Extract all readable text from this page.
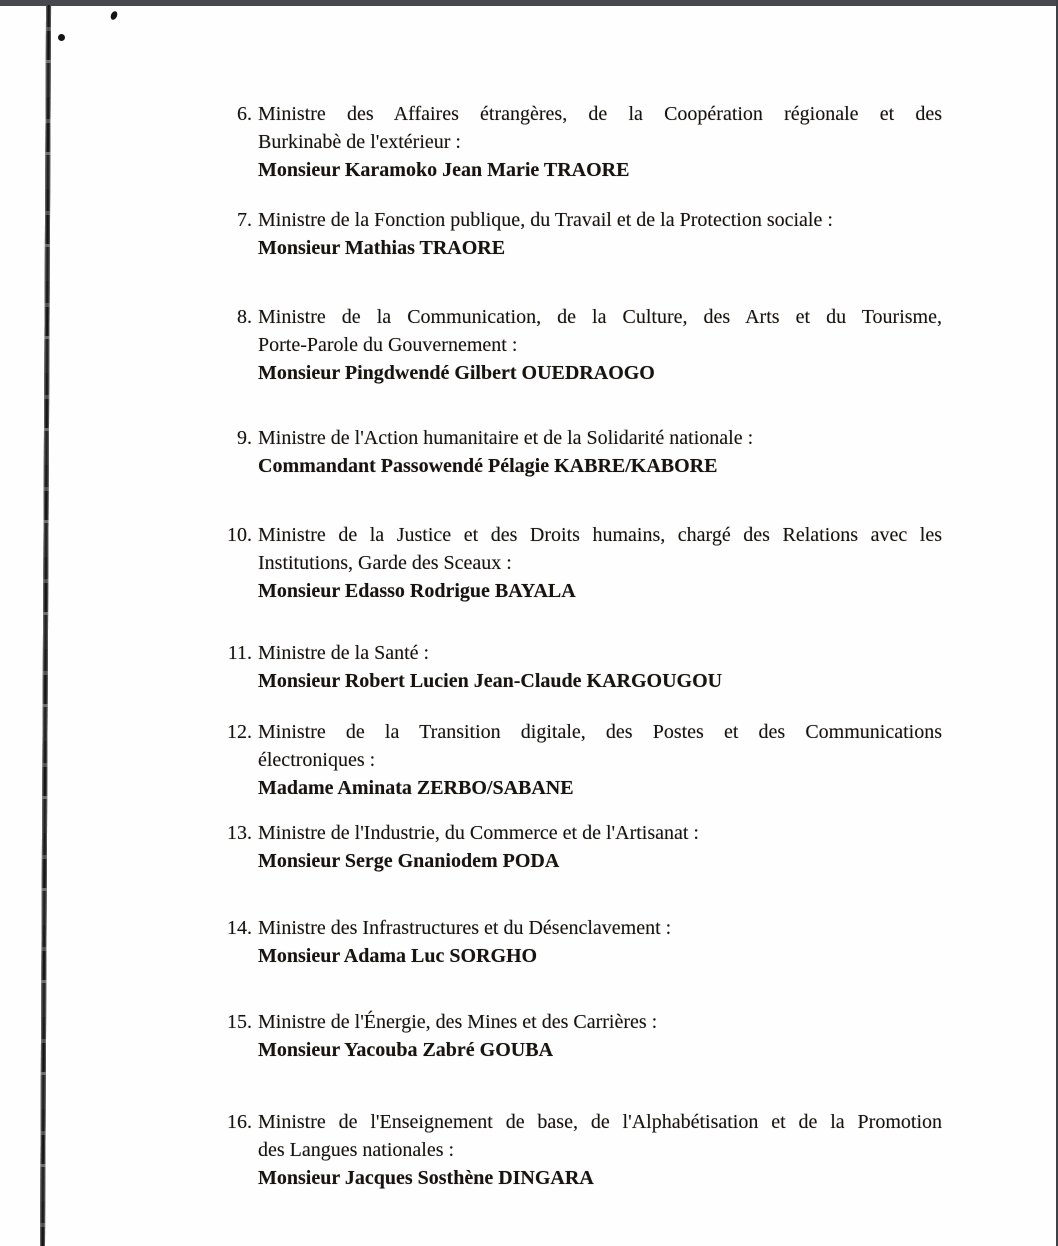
6. Ministre des Affaires étrangères, de la Coopération régionale et des
Burkinabè de l'extérieur :
Monsieur Karamoko Jean Marie TRAORE
7. Ministre de la Fonction publique, du Travail et de la Protection sociale :
Monsieur Mathias TRAORE
8. Ministre de la Communication, de la Culture, des Arts et du Tourisme,
Porte-Parole du Gouvernement :
Monsieur Pingdwendé Gilbert OUEDRAOGO
9. Ministre de l'Action humanitaire et de la Solidarité nationale :
Commandant Passowendé Pélagie KABRE/KABORE
10. Ministre de la Justice et des Droits humains, chargé des Relations avec les
Institutions, Garde des Sceaux :
Monsieur Edasso Rodrigue BAYALA
11. Ministre de la Santé :
Monsieur Robert Lucien Jean-Claude KARGOUGOU
12. Ministre de la Transition digitale, des Postes et des Communications
électroniques :
Madame Aminata ZERBO/SABANE
13. Ministre de l'Industrie, du Commerce et de l'Artisanat :
Monsieur Serge Gnaniodem PODA
14. Ministre des Infrastructures et du Désenclavement :
Monsieur Adama Luc SORGHO
15. Ministre de l'Énergie, des Mines et des Carrières :
Monsieur Yacouba Zabré GOUBA
16. Ministre de l'Enseignement de base, de l'Alphabétisation et de la Promotion
des Langues nationales :
Monsieur Jacques Sosthène DINGARA
